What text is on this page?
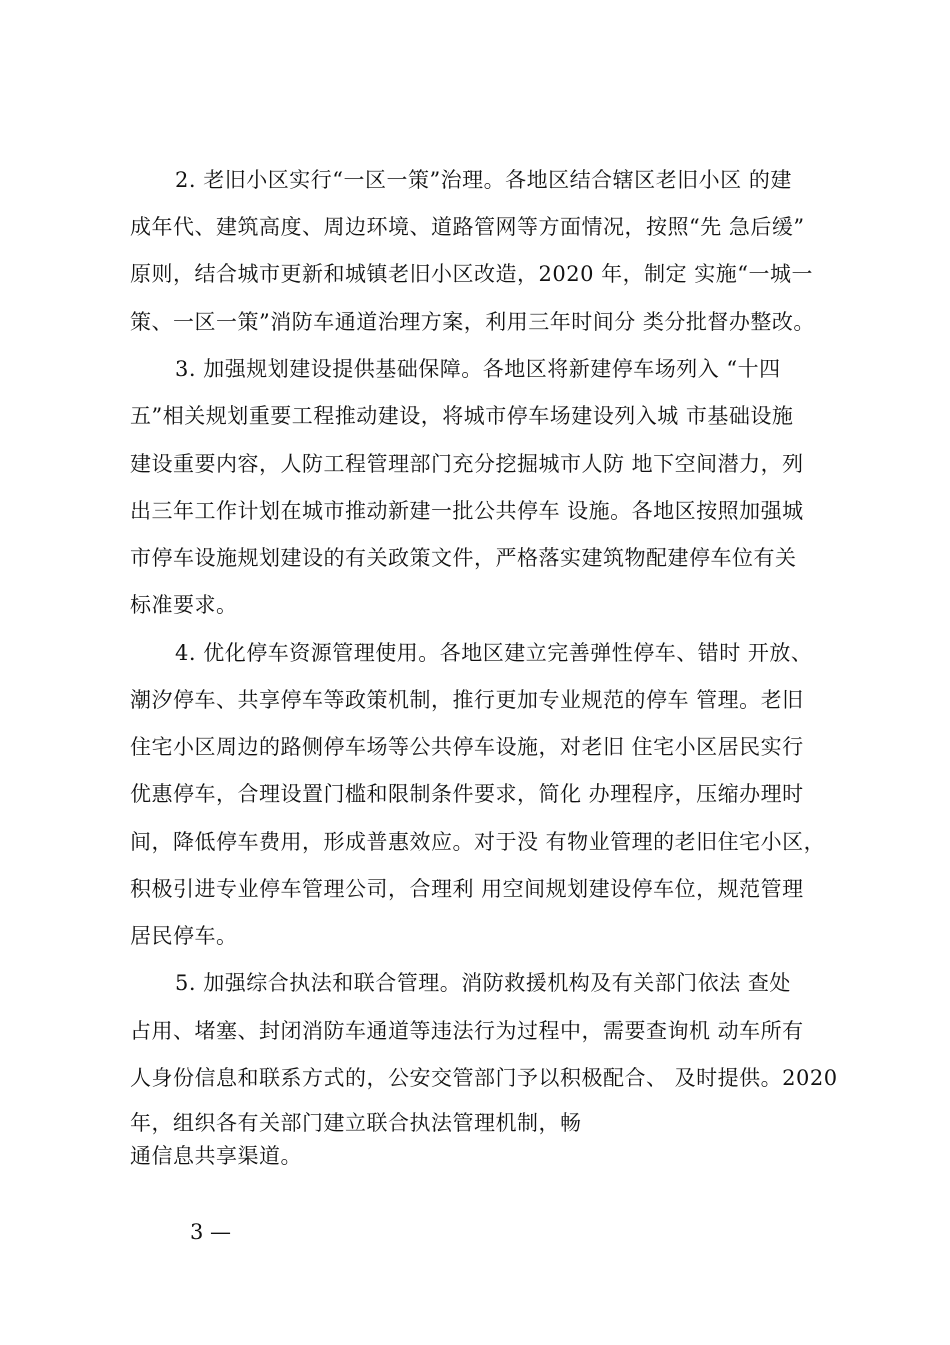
2. 老旧小区实行“一区一策”治理。各地区结合辖区老旧小区 的建
成年代、建筑高度、周边环境、道路管网等方面情况，按照“先 急后缓”
原则，结合城市更新和城镇老旧小区改造，2020 年，制定 实施“一城一
策、一区一策”消防车通道治理方案，利用三年时间分 类分批督办整改。
3. 加强规划建设提供基础保障。各地区将新建停车场列入 “十四
五”相关规划重要工程推动建设，将城市停车场建设列入城 市基础设施
建设重要内容，人防工程管理部门充分挖掘城市人防 地下空间潜力，列
出三年工作计划在城市推动新建一批公共停车 设施。各地区按照加强城
市停车设施规划建设的有关政策文件，严格落实建筑物配建停车位有关
标准要求。
4. 优化停车资源管理使用。各地区建立完善弹性停车、错时 开放、
潮汐停车、共享停车等政策机制，推行更加专业规范的停车 管理。老旧
住宅小区周边的路侧停车场等公共停车设施，对老旧 住宅小区居民实行
优惠停车，合理设置门槛和限制条件要求，简化 办理程序，压缩办理时
间，降低停车费用，形成普惠效应。对于没 有物业管理的老旧住宅小区，
积极引进专业停车管理公司，合理利 用空间规划建设停车位，规范管理
居民停车。
5. 加强综合执法和联合管理。消防救援机构及有关部门依法 查处
占用、堵塞、封闭消防车通道等违法行为过程中，需要查询机 动车所有
人身份信息和联系方式的，公安交管部门予以积极配合、 及时提供。2020
年，组织各有关部门建立联合执法管理机制，畅
通信息共享渠道。
3 —
